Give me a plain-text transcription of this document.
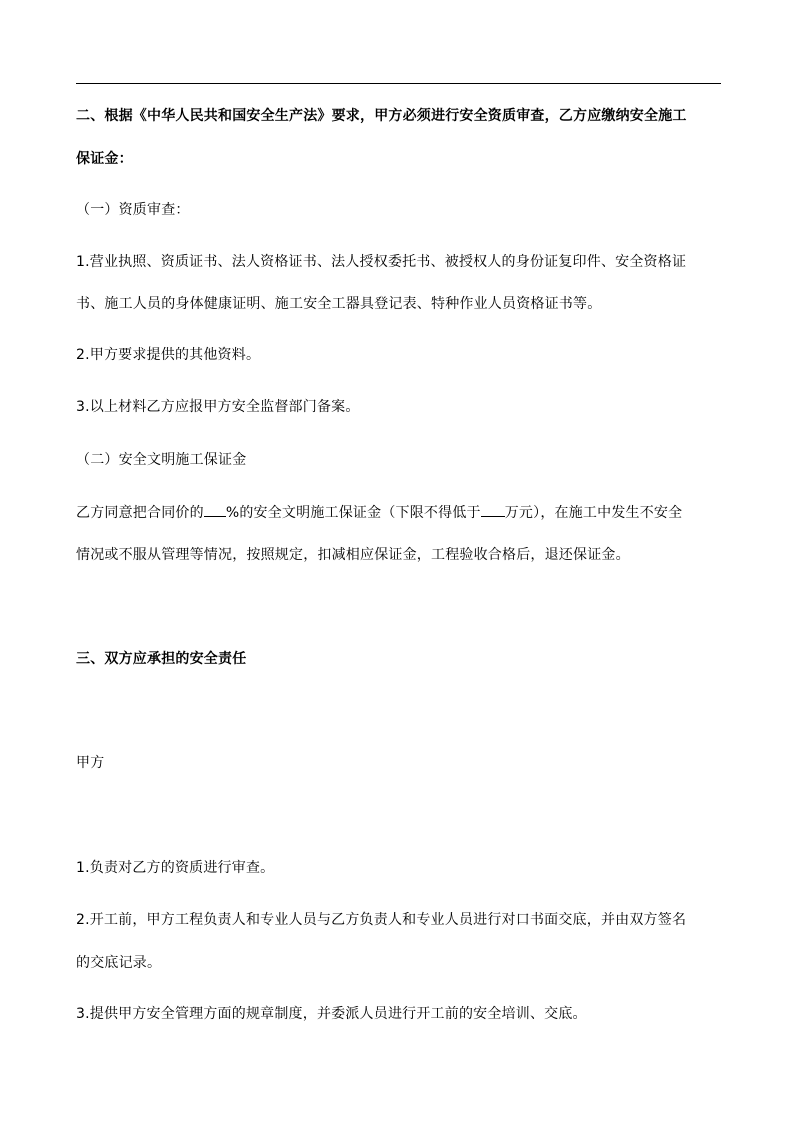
二、根据《中华人民共和国安全生产法》要求，甲方必须进行安全资质审查，乙方应缴纳安全施工
保证金：
（一）资质审查：
1.营业执照、资质证书、法人资格证书、法人授权委托书、被授权人的身份证复印件、安全资格证
书、施工人员的身体健康证明、施工安全工器具登记表、特种作业人员资格证书等。
2.甲方要求提供的其他资料。
3.以上材料乙方应报甲方安全监督部门备案。
（二）安全文明施工保证金
乙方同意把合同价的 %的安全文明施工保证金（下限不得低于 万元），在施工中发生不安全
情况或不服从管理等情况，按照规定，扣减相应保证金，工程验收合格后，退还保证金。
三、双方应承担的安全责任
甲方
1.负责对乙方的资质进行审查。
2.开工前，甲方工程负责人和专业人员与乙方负责人和专业人员进行对口书面交底，并由双方签名
的交底记录。
3.提供甲方安全管理方面的规章制度，并委派人员进行开工前的安全培训、交底。
